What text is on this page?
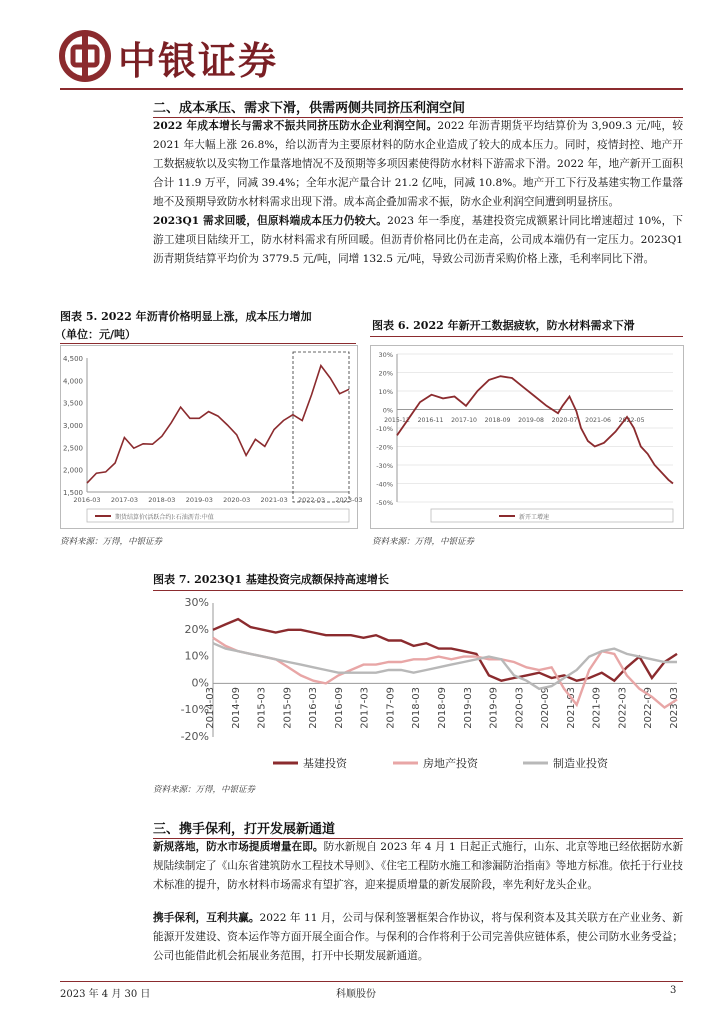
中银证券
二、成本承压、需求下滑，供需两侧共同挤压利润空间
2022 年成本增长与需求不振共同挤压防水企业利润空间。2022 年沥青期货平均结算价为 3,909.3 元/吨，较 2021 年大幅上涨 26.8%，给以沥青为主要原材料的防水企业造成了较大的成本压力。同时，疫情封控、地产开工数据疲软以及实物工作量落地情况不及预期等多项因素使得防水材料下游需求下滑。2022 年，地产新开工面积合计 11.9 万平，同减 39.4%；全年水泥产量合计 21.2 亿吨，同减 10.8%。地产开工下行及基建实物工作量落地不及预期导致防水材料需求出现下滑。成本高企叠加需求不振，防水企业利润空间遭到明显挤压。
2023Q1 需求回暖，但原料端成本压力仍较大。2023 年一季度，基建投资完成额累计同比增速超过 10%，下游工建项目陆续开工，防水材料需求有所回暖。但沥青价格同比仍在走高，公司成本端仍有一定压力。2023Q1 沥青期货结算平均价为 3779.5 元/吨，同增 132.5 元/吨，导致公司沥青采购价格上涨，毛利率同比下滑。
图表 5. 2022 年沥青价格明显上涨，成本压力增加
（单位：元/吨）
1,500
2,000
2,500
3,000
3,500
4,000
4,500
2016-03 2017-03 2018-03 2019-03 2020-03 2021-03 2022-03 2023-03
期货结算价(活跃合约):石油沥青:中值
资料来源：万得，中银证券
图表 6. 2022 年新开工数据疲软，防水材料需求下滑
30%
20%
10%
0%
-10%
-20%
-30%
-40%
-50%
2015-12 2016-11 2017-10 2018-09 2019-08 2020-07 2021-06 2022-05
新开工增速
资料来源：万得，中银证券
图表 7. 2023Q1 基建投资完成额保持高速增长
30%
20%
10%
0%
-10%
-20%
2014-03 2014-09 2015-03 2015-09 2016-03 2016-09 2017-03 2017-09 2018-03 2018-09 2019-03 2019-09 2020-03 2020-09 2021-03 2021-09 2022-03 2022-09 2023-03
基建投资	房地产投资	制造业投资
资料来源：万得，中银证券
三、携手保利，打开发展新通道
新规落地，防水市场提质增量在即。防水新规自 2023 年 4 月 1 日起正式施行，山东、北京等地已经依据防水新规陆续制定了《山东省建筑防水工程技术导则》、《住宅工程防水施工和渗漏防治指南》等地方标准。依托于行业技术标准的提升，防水材料市场需求有望扩容，迎来提质增量的新发展阶段，率先利好龙头企业。
携手保利，互利共赢。2022 年 11 月，公司与保利签署框架合作协议，将与保利资本及其关联方在产业业务、新能源开发建设、资本运作等方面开展全面合作。与保利的合作将利于公司完善供应链体系，使公司防水业务受益；公司也能借此机会拓展业务范围，打开中长期发展新通道。
2023 年 4 月 30 日	科顺股份	3
